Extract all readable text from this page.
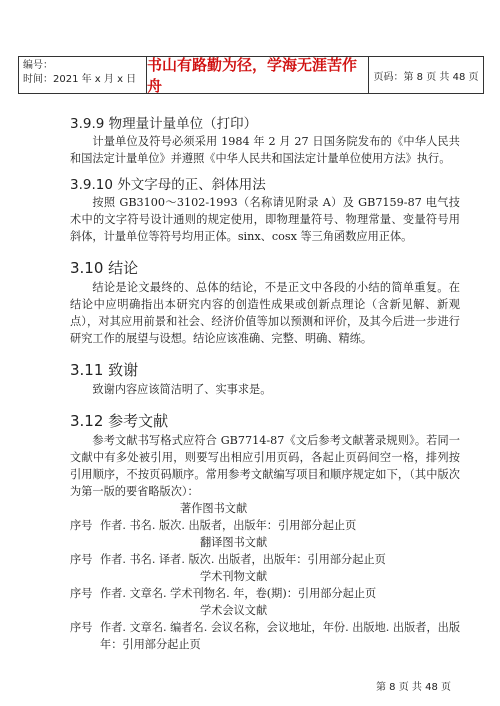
编号：
时间：2021 年 x 月 x 日
书山有路勤为径，学海无涯苦作舟	页码：第 8 页 共 48 页
3.9.9 物理量计量单位（打印）
计量单位及符号必须采用 1984 年 2 月 27 日国务院发布的《中华人民共和国法定计量单位》并遵照《中华人民共和国法定计量单位使用方法》执行。
3.9.10 外文字母的正、斜体用法
按照 GB3100～3102-1993（名称请见附录 A）及 GB7159-87 电气技术中的文字符号设计通则的规定使用，即物理量符号、物理常量、变量符号用斜体，计量单位等符号均用正体。sinx、cosx 等三角函数应用正体。
3.10 结论
结论是论文最终的、总体的结论，不是正文中各段的小结的简单重复。在结论中应明确指出本研究内容的创造性成果或创新点理论（含新见解、新观点），对其应用前景和社会、经济价值等加以预测和评价，及其今后进一步进行研究工作的展望与设想。结论应该准确、完整、明确、精练。
3.11 致谢
致谢内容应该简洁明了、实事求是。
3.12 参考文献
参考文献书写格式应符合 GB7714-87《文后参考文献著录规则》。若同一文献中有多处被引用，则要写出相应引用页码，各起止页码间空一格，排列按引用顺序，不按页码顺序。常用参考文献编写项目和顺序规定如下，（其中版次为第一版的要省略版次）：
著作图书文献
序号 作者. 书名. 版次. 出版者，出版年：引用部分起止页
翻译图书文献
序号 作者. 书名. 译者. 版次. 出版者，出版年：引用部分起止页
学术刊物文献
序号 作者. 文章名. 学术刊物名. 年，卷(期)：引用部分起止页
学术会议文献
序号 作者. 文章名. 编者名. 会议名称，会议地址，年份. 出版地. 出版者，出版年：引用部分起止页
第 8 页 共 48 页
